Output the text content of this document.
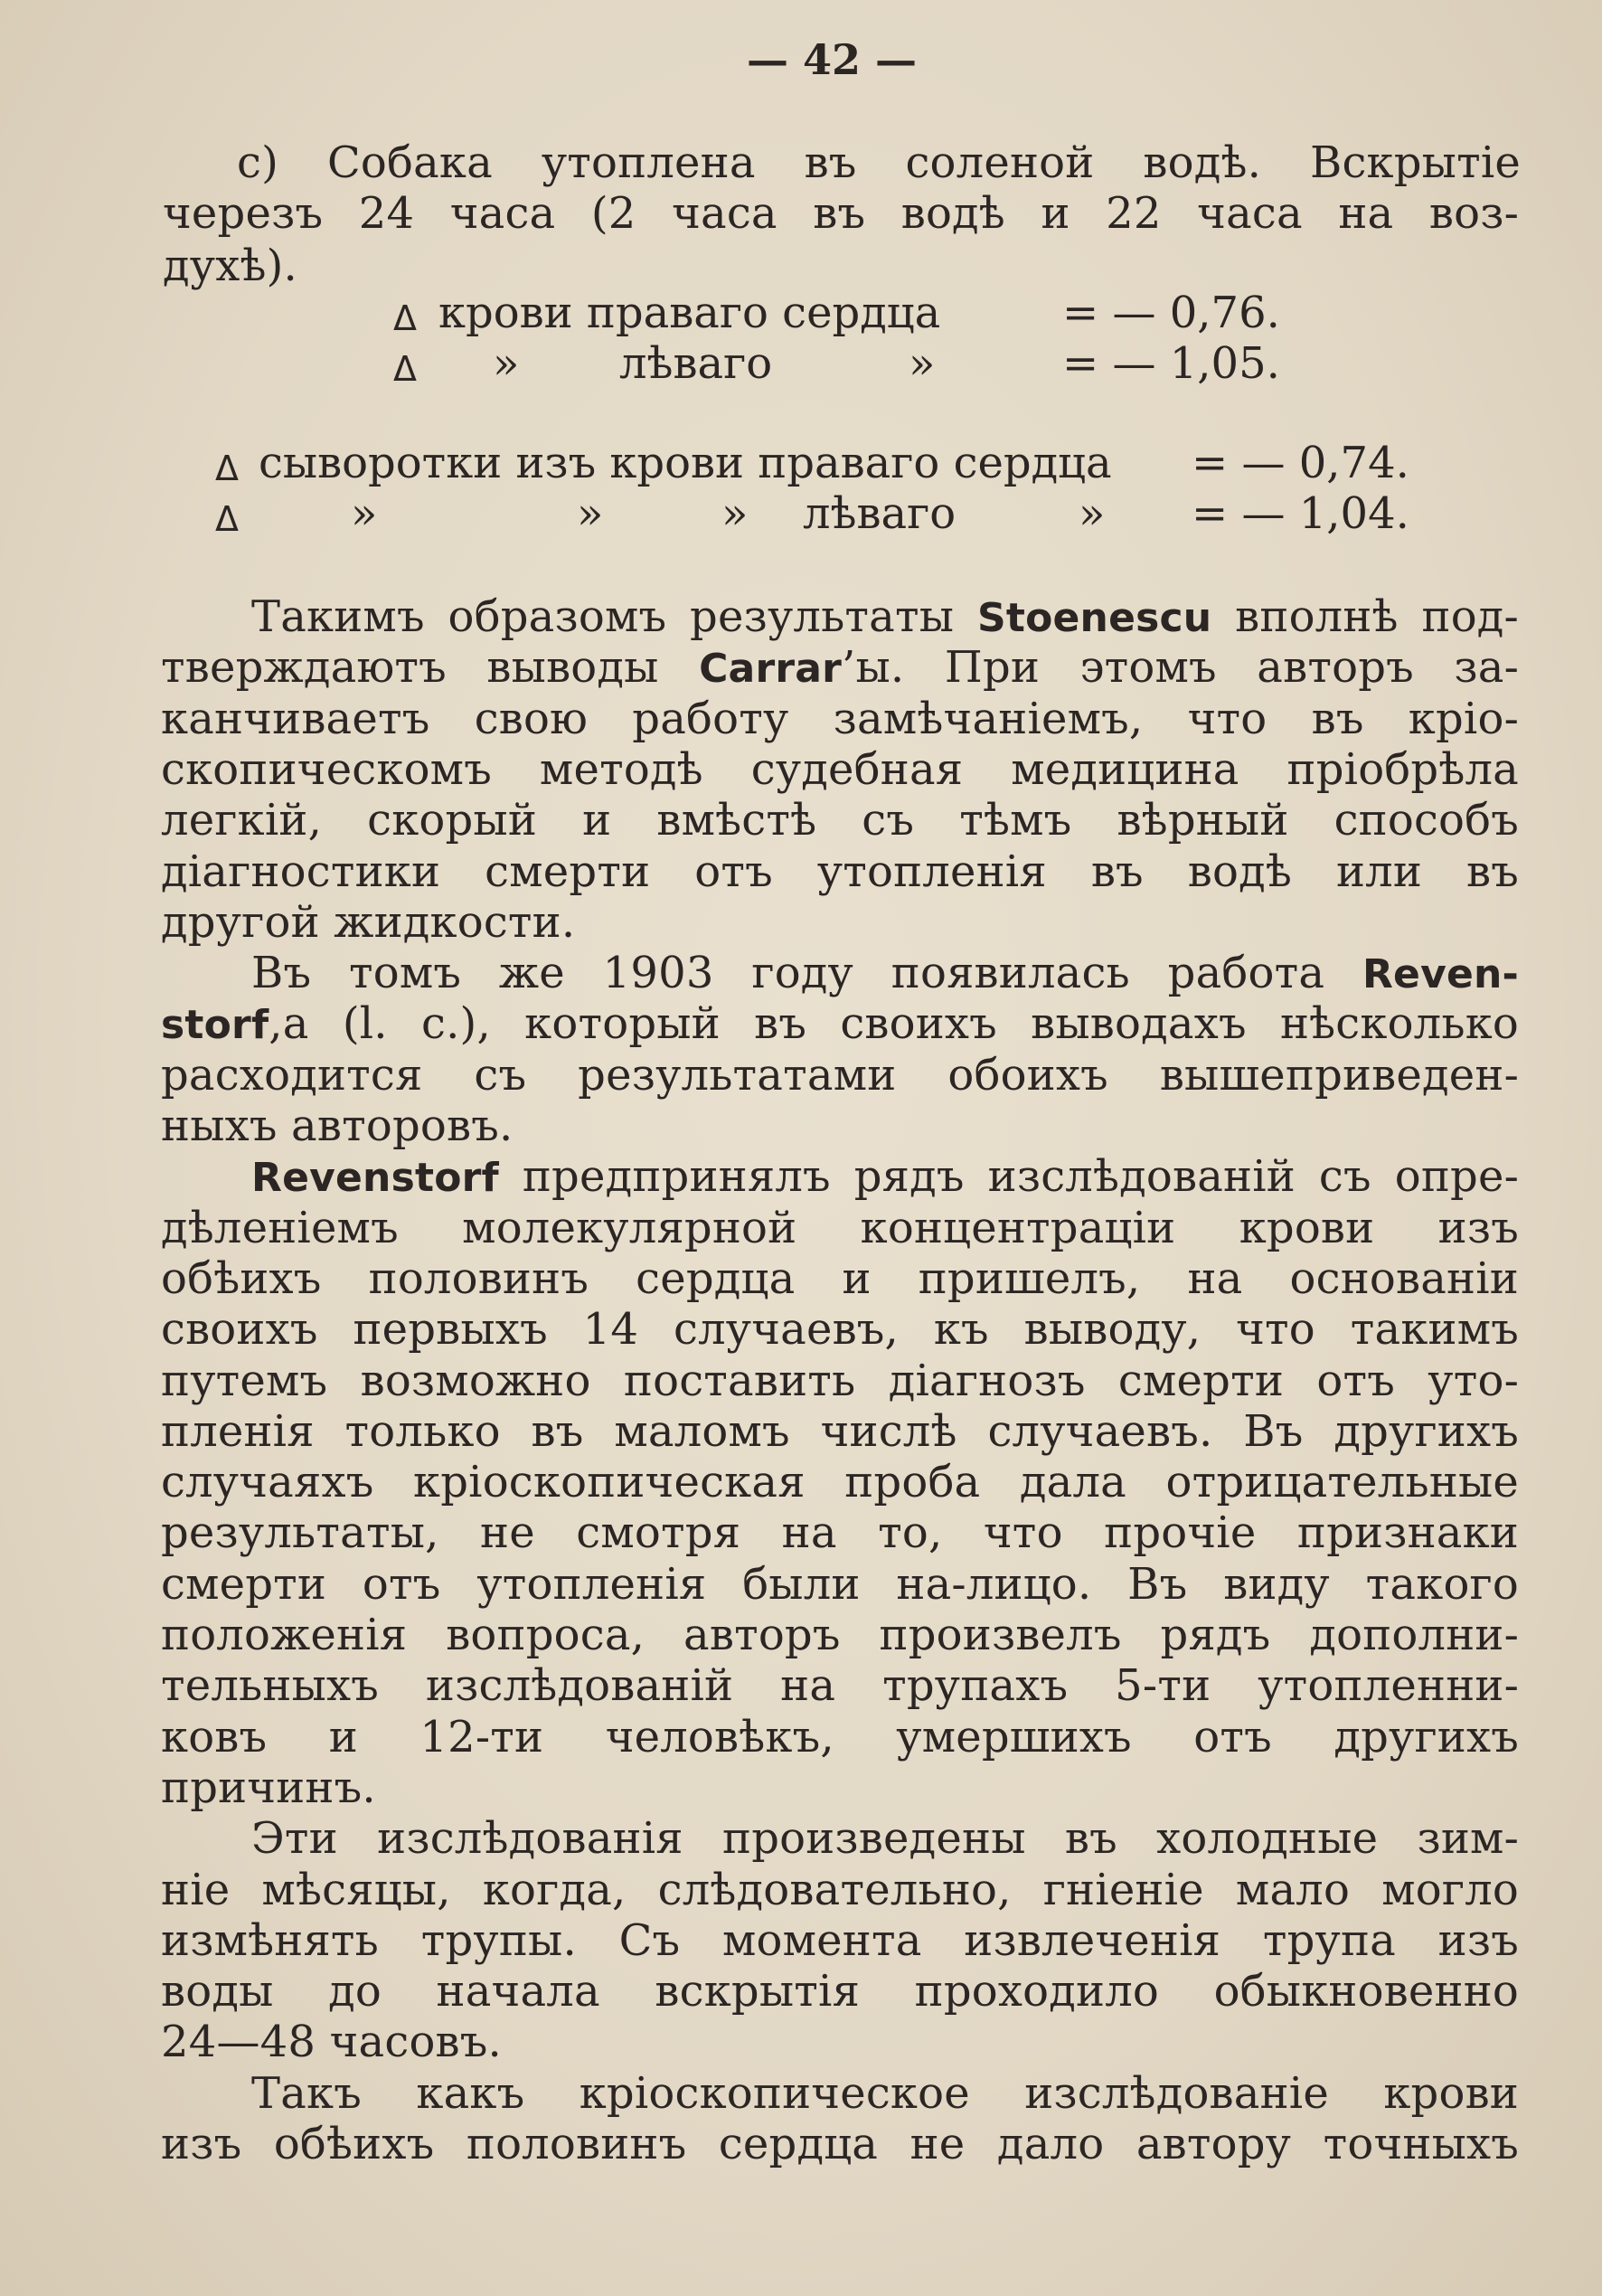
— 42 —
c) Собака утоплена въ соленой водѣ. Вскрытіе
черезъ 24 часа (2 часа въ водѣ и 22 часа на воз-
духѣ).
Δ крови праваго сердца	= — 0,76.
Δ » лѣваго	»	= — 1,05.
Δ сыворотки изъ крови праваго сердца = — 0,74.
Δ	»	»	» лѣваго	» = — 1,04.
Такимъ образомъ результаты Stoenescu вполнѣ под-
тверждаютъ выводы Carrar’ы. При этомъ авторъ за-
канчиваетъ свою работу замѣчаніемъ, что въ кріо-
скопическомъ методѣ судебная медицина пріобрѣла
легкій, скорый и вмѣстѣ съ тѣмъ вѣрный способъ
діагностики смерти отъ утопленія въ водѣ или въ
другой жидкости.
Въ томъ же 1903 году появилась работа Reven-
storf,а (l. c.), который въ своихъ выводахъ нѣсколько
расходится съ результатами обоихъ вышеприведен-
ныхъ авторовъ.
Revenstorf предпринялъ рядъ изслѣдованій съ опре-
дѣленіемъ молекулярной концентраціи крови изъ
обѣихъ половинъ сердца и пришелъ, на основаніи
своихъ первыхъ 14 случаевъ, къ выводу, что такимъ
путемъ возможно поставить діагнозъ смерти отъ уто-
пленія только въ маломъ числѣ случаевъ. Въ другихъ
случаяхъ кріоскопическая проба дала отрицательные
результаты, не смотря на то, что прочіе признаки
смерти отъ утопленія были на-лицо. Въ виду такого
положенія вопроса, авторъ произвелъ рядъ дополни-
тельныхъ изслѣдованій на трупахъ 5-ти утопленни-
ковъ и 12-ти человѣкъ, умершихъ отъ другихъ
причинъ.
Эти изслѣдованія произведены въ холодные зим-
ніе мѣсяцы, когда, слѣдовательно, гніеніе мало могло
измѣнять трупы. Съ момента извлеченія трупа изъ
воды до начала вскрытія проходило обыкновенно
24—48 часовъ.
Такъ какъ кріоскопическое изслѣдованіе крови
изъ обѣихъ половинъ сердца не дало автору точныхъ
